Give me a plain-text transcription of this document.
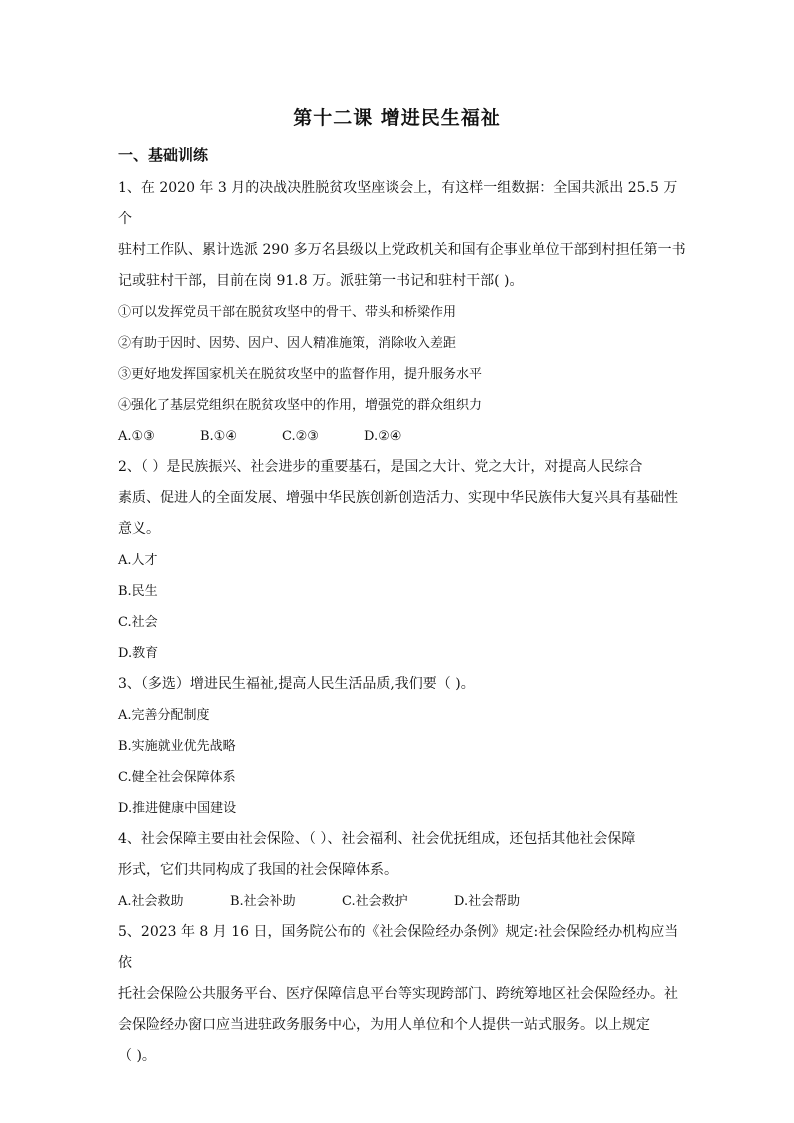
第十二课 增进民生福祉
一、基础训练

1、在 2020 年 3 月的决战决胜脱贫攻坚座谈会上，有这样一组数据：全国共派出 25.5 万个

驻村工作队、累计选派 290 多万名县级以上党政机关和国有企事业单位干部到村担任第一书

记或驻村干部，目前在岗 91.8 万。派驻第一书记和驻村干部( )。

①可以发挥党员干部在脱贫攻坚中的骨干、带头和桥梁作用

②有助于因时、因势、因户、因人精准施策，消除收入差距

③更好地发挥国家机关在脱贫攻坚中的监督作用，提升服务水平

④强化了基层党组织在脱贫攻坚中的作用，增强党的群众组织力

A.①③	B.①④	C.②③	D.②④

2、（ ）是民族振兴、社会进步的重要基石，是国之大计、党之大计，对提高人民综合

素质、促进人的全面发展、增强中华民族创新创造活力、实现中华民族伟大复兴具有基础性

意义。

A.人才

B.民生

C.社会

D.教育

3、（多选）增进民生福祉,提高人民生活品质,我们要（ )。

A.完善分配制度

B.实施就业优先战略

C.健全社会保障体系

D.推进健康中国建设

4、社会保障主要由社会保险、（ ）、社会福利、社会优抚组成，还包括其他社会保障

形式，它们共同构成了我国的社会保障体系。

A.社会救助	B.社会补助	C.社会救护	D.社会帮助

5、2023 年 8 月 16 日，国务院公布的《社会保险经办条例》规定:社会保险经办机构应当依

托社会保险公共服务平台、医疗保障信息平台等实现跨部门、跨统筹地区社会保险经办。社

会保险经办窗口应当进驻政务服务中心，为用人单位和个人提供一站式服务。以上规定

（ )。
